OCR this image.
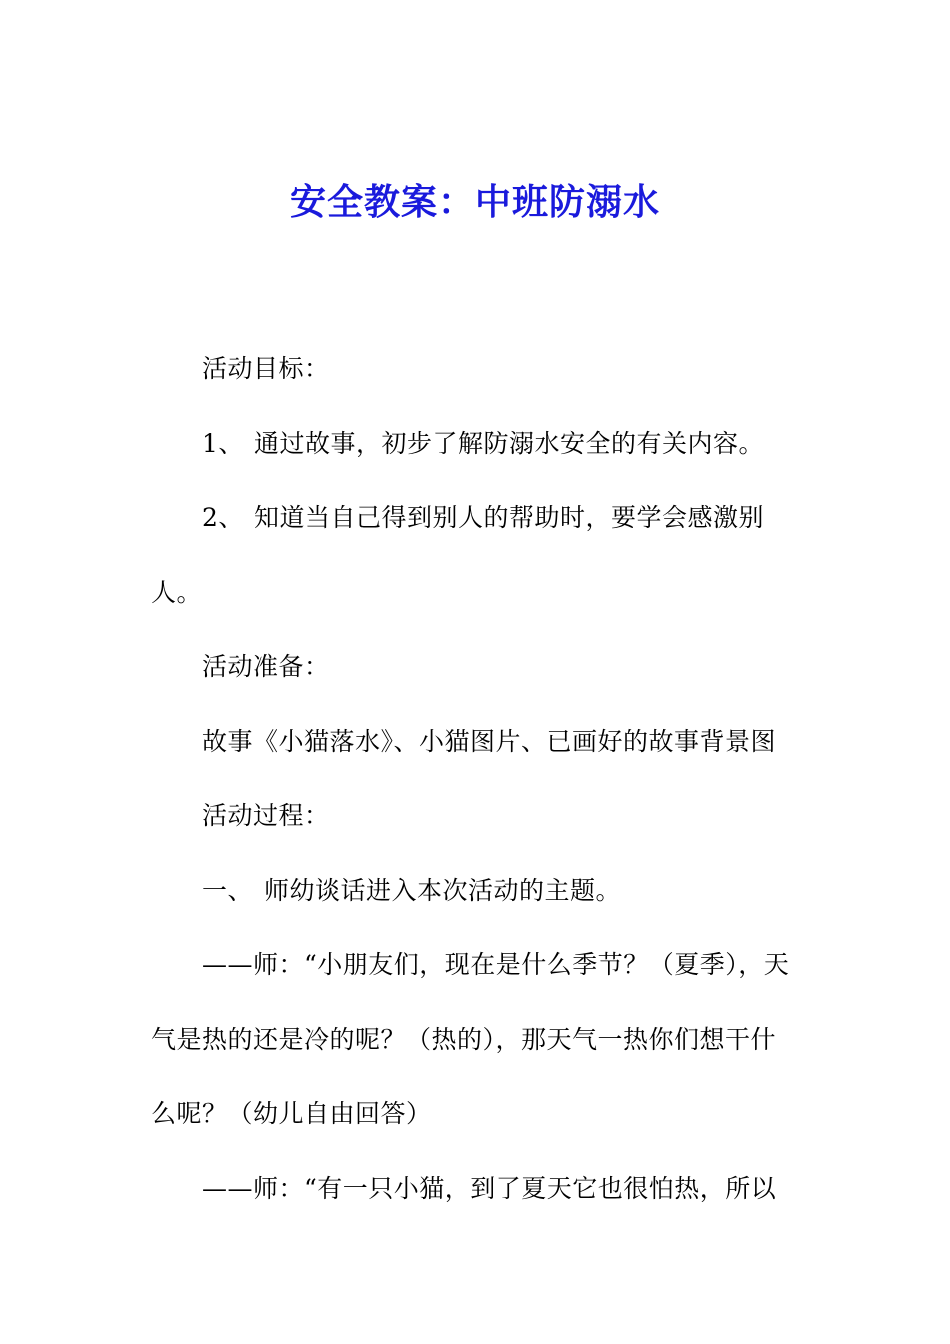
安全教案：中班防溺水

活动目标：

1、 通过故事，初步了解防溺水安全的有关内容。

2、 知道当自己得到别人的帮助时，要学会感激别人。

活动准备：

故事《小猫落水》、小猫图片、已画好的故事背景图

活动过程：

一、 师幼谈话进入本次活动的主题。

——师：“小朋友们，现在是什么季节？（夏季），天气是热的还是冷的呢？（热的），那天气一热你们想干什么呢？（幼儿自由回答）

——师：“有一只小猫，到了夏天它也很怕热，所以
